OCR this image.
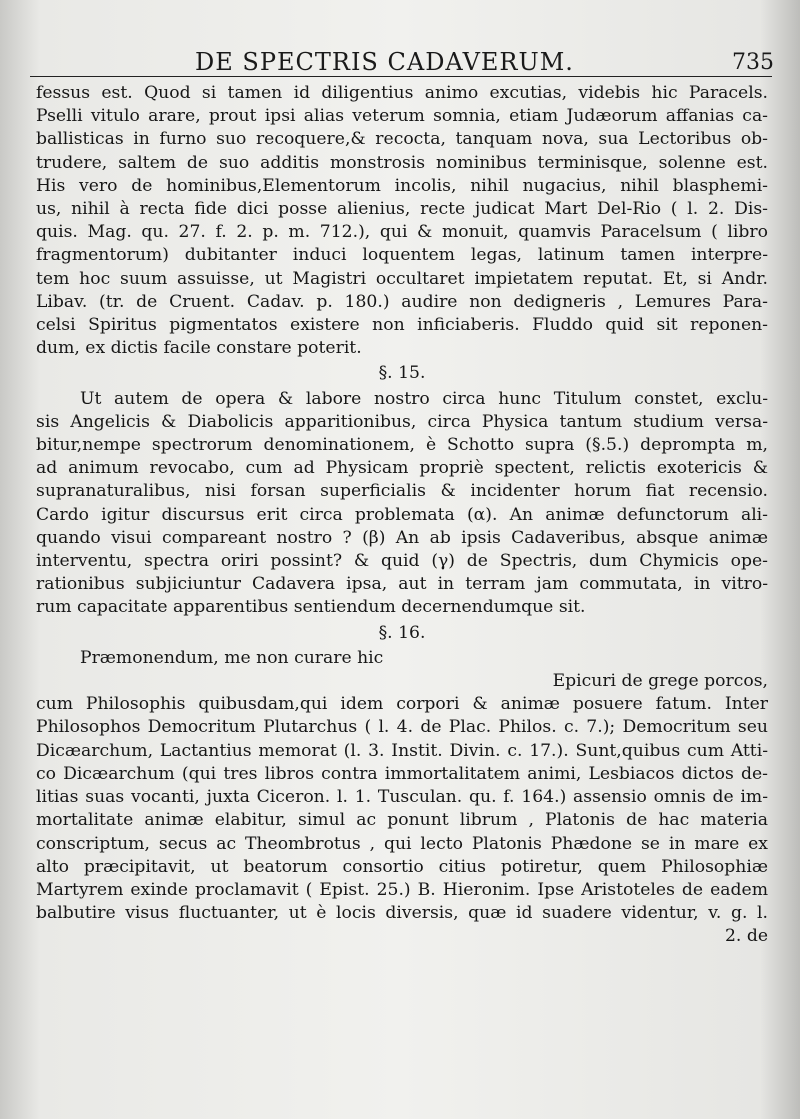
DE SPECTRIS CADAVERUM.	735
fessus est. Quod si tamen id diligentius animo excutias, videbis hic Paracels.
Pselli vitulo arare, prout ipsi alias veterum somnia, etiam Judæorum affanias ca-
ballisticas in furno suo recoquere,& recocta, tanquam nova, sua Lectoribus ob-
trudere, saltem de suo additis monstrosis nominibus terminisque, solenne est.
His vero de hominibus,Elementorum incolis, nihil nugacius, nihil blasphemi-
us, nihil à recta fide dici posse alienius, recte judicat Mart Del-Rio ( l. 2. Dis-
quis. Mag. qu. 27. f. 2. p. m. 712.), qui & monuit, quamvis Paracelsum ( libro
fragmentorum) dubitanter induci loquentem legas, latinum tamen interpre-
tem hoc suum assuisse, ut Magistri occultaret impietatem reputat. Et, si Andr.
Libav. (tr. de Cruent. Cadav. p. 180.) audire non dedigneris , Lemures Para-
celsi Spiritus pigmentatos existere non inficiaberis. Fluddo quid sit reponen-
dum, ex dictis facile constare poterit.
§. 15.
Ut autem de opera & labore nostro circa hunc Titulum constet, exclu-
sis Angelicis & Diabolicis apparitionibus, circa Physica tantum studium versa-
bitur,nempe spectrorum denominationem, è Schotto supra (§.5.) deprompta m,
ad animum revocabo, cum ad Physicam propriè spectent, relictis exotericis &
supranaturalibus, nisi forsan superficialis & incidenter horum fiat recensio.
Cardo igitur discursus erit circa problemata (α). An animæ defunctorum ali-
quando visui compareant nostro ? (β) An ab ipsis Cadaveribus, absque animæ
interventu, spectra oriri possint? & quid (γ) de Spectris, dum Chymicis ope-
rationibus subjiciuntur Cadavera ipsa, aut in terram jam commutata, in vitro-
rum capacitate apparentibus sentiendum decernendumque sit.
§. 16.
Præmonendum, me non curare hic
Epicuri de grege porcos,
cum Philosophis quibusdam,qui idem corpori & animæ posuere fatum. Inter
Philosophos Democritum Plutarchus ( l. 4. de Plac. Philos. c. 7.); Democritum seu
Dicæarchum, Lactantius memorat (l. 3. Instit. Divin. c. 17.). Sunt,quibus cum Atti-
co Dicæarchum (qui tres libros contra immortalitatem animi, Lesbiacos dictos de-
litias suas vocanti, juxta Ciceron. l. 1. Tusculan. qu. f. 164.) assensio omnis de im-
mortalitate animæ elabitur, simul ac ponunt librum , Platonis de hac materia
conscriptum, secus ac Theombrotus , qui lecto Platonis Phædone se in mare ex
alto præcipitavit, ut beatorum consortio citius potiretur, quem Philosophiæ
Martyrem exinde proclamavit ( Epist. 25.) B. Hieronim. Ipse Aristoteles de eadem
balbutire visus fluctuanter, ut è locis diversis, quæ id suadere videntur, v. g. l.
2. de
